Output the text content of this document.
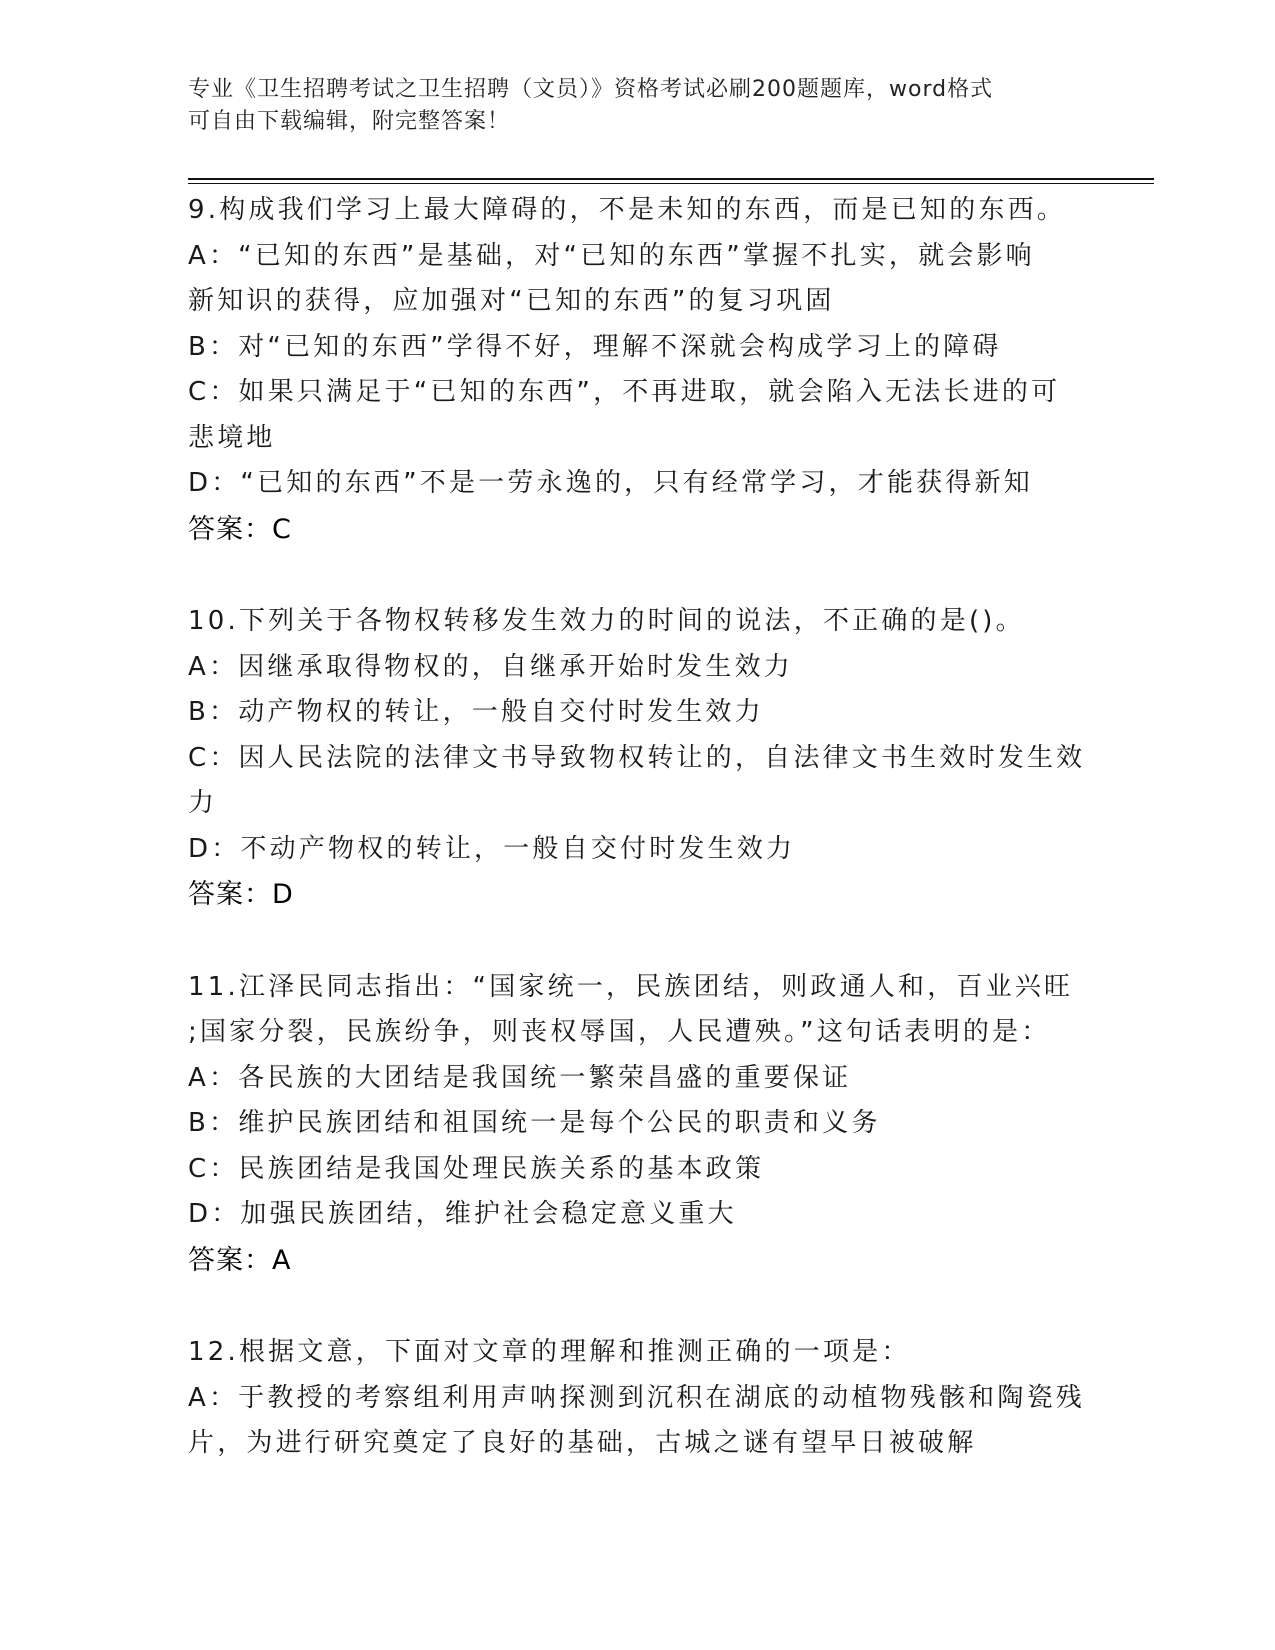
专业《卫生招聘考试之卫生招聘（文员）》资格考试必刷200题题库，word格式
可自由下载编辑，附完整答案！

9.构成我们学习上最大障碍的，不是未知的东西，而是已知的东西。

A：“已知的东西”是基础，对“已知的东西”掌握不扎实，就会影响

新知识的获得，应加强对“已知的东西”的复习巩固

B：对“已知的东西”学得不好，理解不深就会构成学习上的障碍

C：如果只满足于“已知的东西”，不再进取，就会陷入无法长进的可

悲境地

D：“已知的东西”不是一劳永逸的，只有经常学习，才能获得新知

答案：C

10.下列关于各物权转移发生效力的时间的说法，不正确的是()。

A：因继承取得物权的，自继承开始时发生效力

B：动产物权的转让，一般自交付时发生效力

C：因人民法院的法律文书导致物权转让的，自法律文书生效时发生效

力

D：不动产物权的转让，一般自交付时发生效力

答案：D

11.江泽民同志指出：“国家统一，民族团结，则政通人和，百业兴旺

;国家分裂，民族纷争，则丧权辱国，人民遭殃。”这句话表明的是：

A：各民族的大团结是我国统一繁荣昌盛的重要保证

B：维护民族团结和祖国统一是每个公民的职责和义务

C：民族团结是我国处理民族关系的基本政策

D：加强民族团结，维护社会稳定意义重大

答案：A

12.根据文意，下面对文章的理解和推测正确的一项是：

A：于教授的考察组利用声呐探测到沉积在湖底的动植物残骸和陶瓷残

片，为进行研究奠定了良好的基础，古城之谜有望早日被破解
